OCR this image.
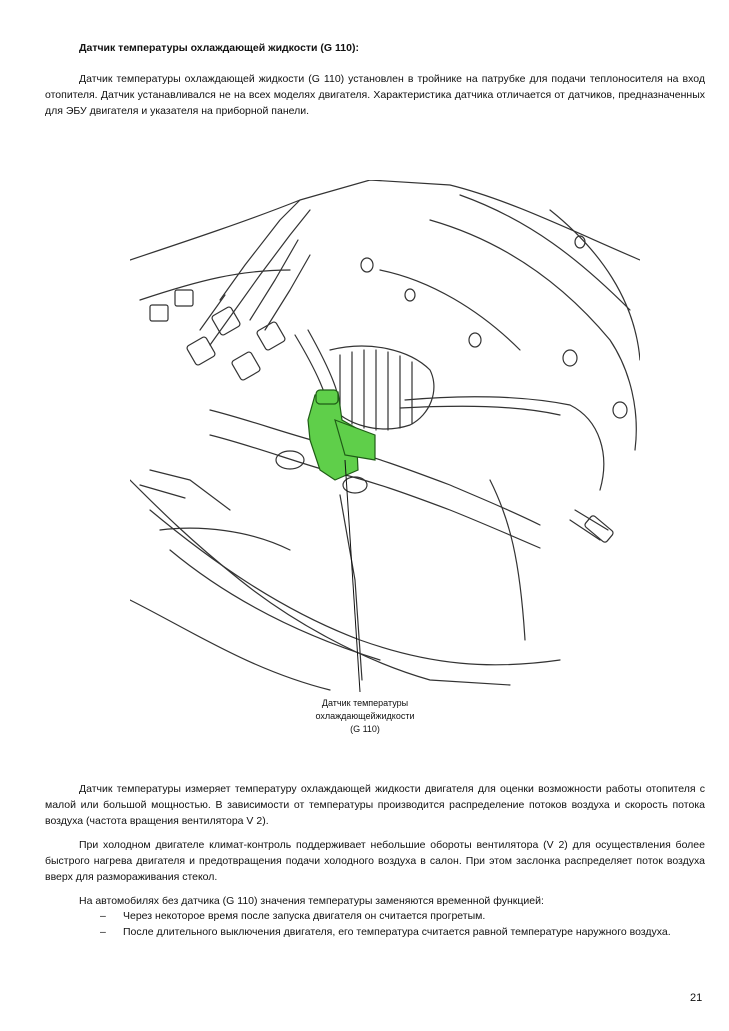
Датчик температуры охлаждающей жидкости (G 110):

Датчик температуры охлаждающей жидкости (G 110) установлен в тройнике на патрубке для подачи теплоносителя на вход отопителя. Датчик устанавливался не на всех моделях двигателя. Характеристика датчика отличается от датчиков, предназначенных для ЭБУ двигателя и указателя на приборной панели.

Датчик температуры
охлаждающейжидкости
(G 110)

Датчик температуры измеряет температуру охлаждающей жидкости двигателя для оценки возможности работы отопителя с малой или большой мощностью. В зависимости от температуры производится распределение потоков воздуха и скорость потока воздуха (частота вращения вентилятора V 2).

При холодном двигателе климат-контроль поддерживает небольшие обороты вентилятора (V 2) для осуществления более быстрого нагрева двигателя и предотвращения подачи холодного воздуха в салон. При этом заслонка распределяет поток воздуха вверх для размораживания стекол.

На автомобилях без датчика (G 110) значения температуры заменяются временной функцией:

– Через некоторое время после запуска двигателя он считается прогретым.
– После длительного выключения двигателя, его температура считается равной температуре наружного воздуха.
21
